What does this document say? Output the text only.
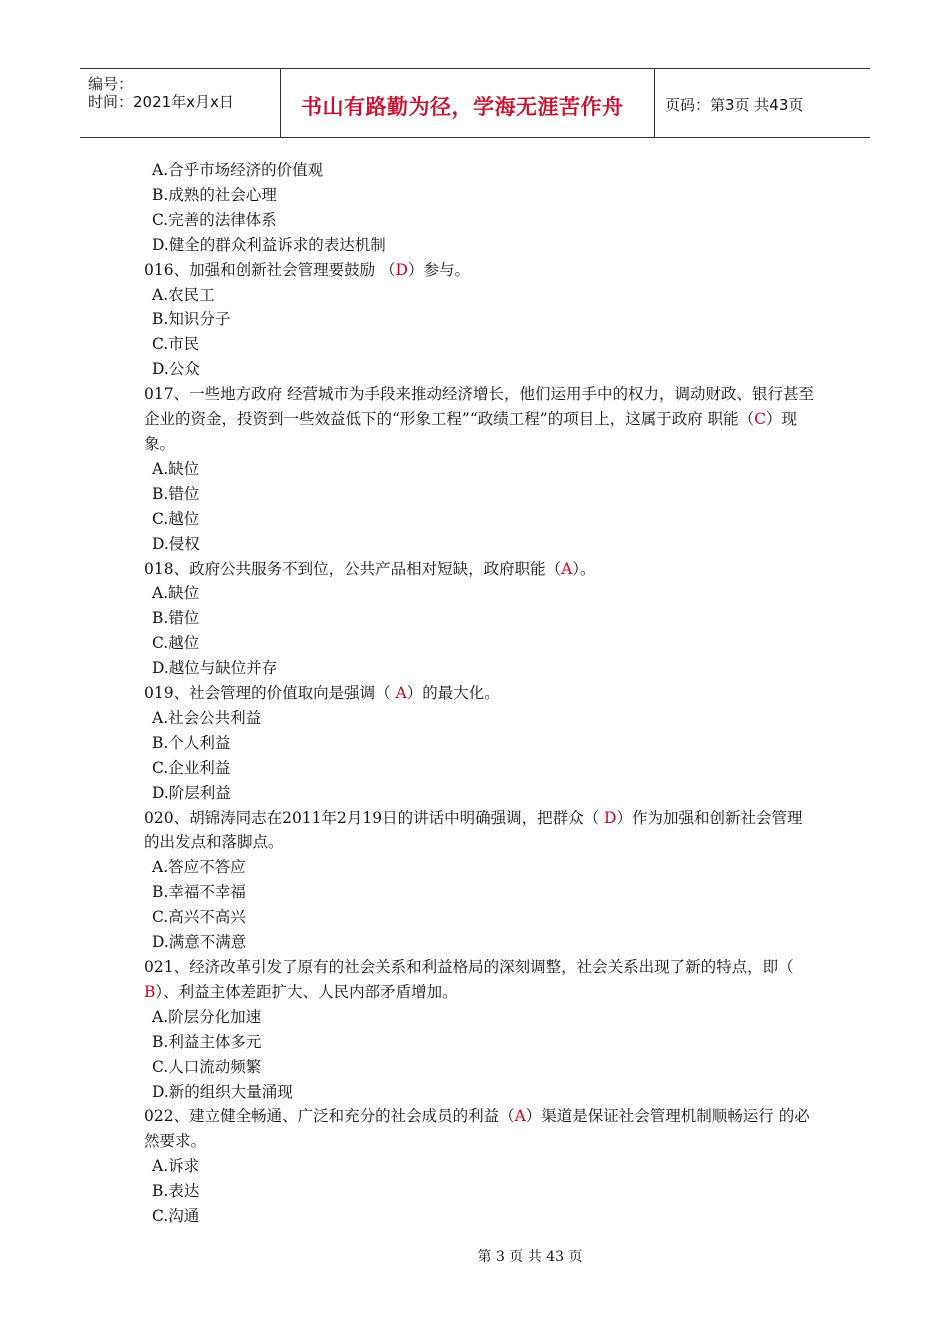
编号：
时间：2021年x月x日	书山有路勤为径，学海无涯苦作舟	页码：第3页 共43页
A.合乎市场经济的价值观
B.成熟的社会心理
C.完善的法律体系
D.健全的群众利益诉求的表达机制
016、加强和创新社会管理要鼓励 （D）参与。
A.农民工
B.知识分子
C.市民
D.公众
017、一些地方政府 经营城市为手段来推动经济增长，他们运用手中的权力，调动财政、银行甚至企业的资金，投资到一些效益低下的“形象工程”“政绩工程”的项目上，这属于政府 职能（C）现象。
A.缺位
B.错位
C.越位
D.侵权
018、政府公共服务不到位，公共产品相对短缺，政府职能（A）。
A.缺位
B.错位
C.越位
D.越位与缺位并存
019、社会管理的价值取向是强调（ A）的最大化。
A.社会公共利益
B.个人利益
C.企业利益
D.阶层利益
020、胡锦涛同志在2011年2月19日的讲话中明确强调，把群众（ D）作为加强和创新社会管理的出发点和落脚点。
A.答应不答应
B.幸福不幸福
C.高兴不高兴
D.满意不满意
021、经济改革引发了原有的社会关系和利益格局的深刻调整，社会关系出现了新的特点，即（ B）、利益主体差距扩大、人民内部矛盾增加。
A.阶层分化加速
B.利益主体多元
C.人口流动频繁
D.新的组织大量涌现
022、建立健全畅通、广泛和充分的社会成员的利益（A）渠道是保证社会管理机制顺畅运行 的必然要求。
A.诉求
B.表达
C.沟通
第 3 页 共 43 页
